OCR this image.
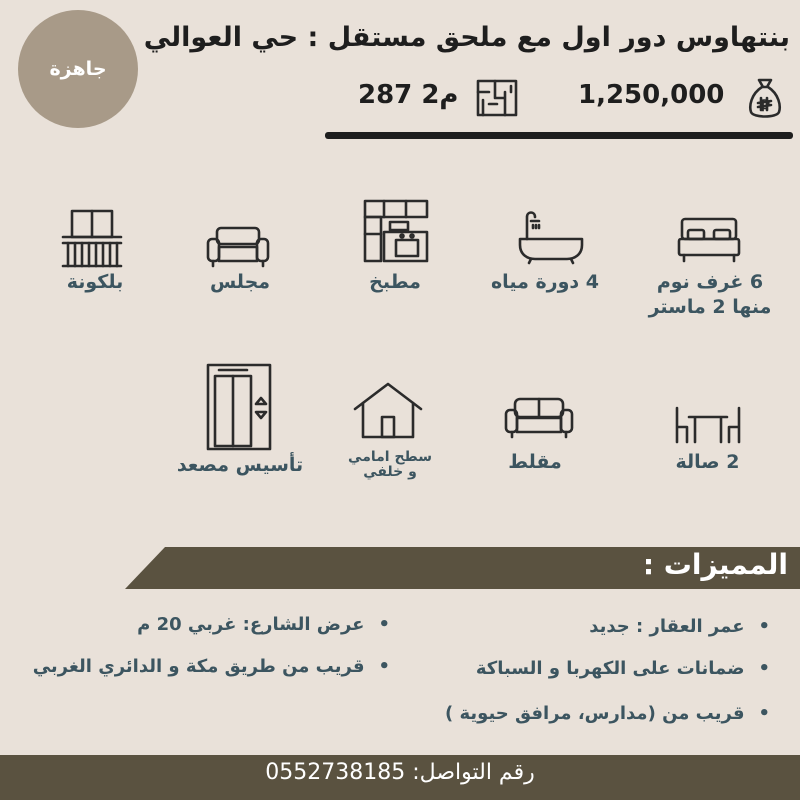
جاهزة
بنتهاوس دور اول مع ملحق مستقل : حي العوالي
⃁
1,250,000
287 م2
6 غرف نوم
منها 2 ماستر
4 دورة مياه
مطبخ
مجلس
بلكونة
2 صالة
مقلط
سطح امامي
و خلفي
تأسيس مصعد
المميزات :
• عمر العقار : جديد
• ضمانات على الكهربا و السباكة
• قريب من (مدارس، مرافق حيوية )
• عرض الشارع: غربي 20 م
• قريب من طريق مكة و الدائري الغربي
رقم التواصل: 0552738185
